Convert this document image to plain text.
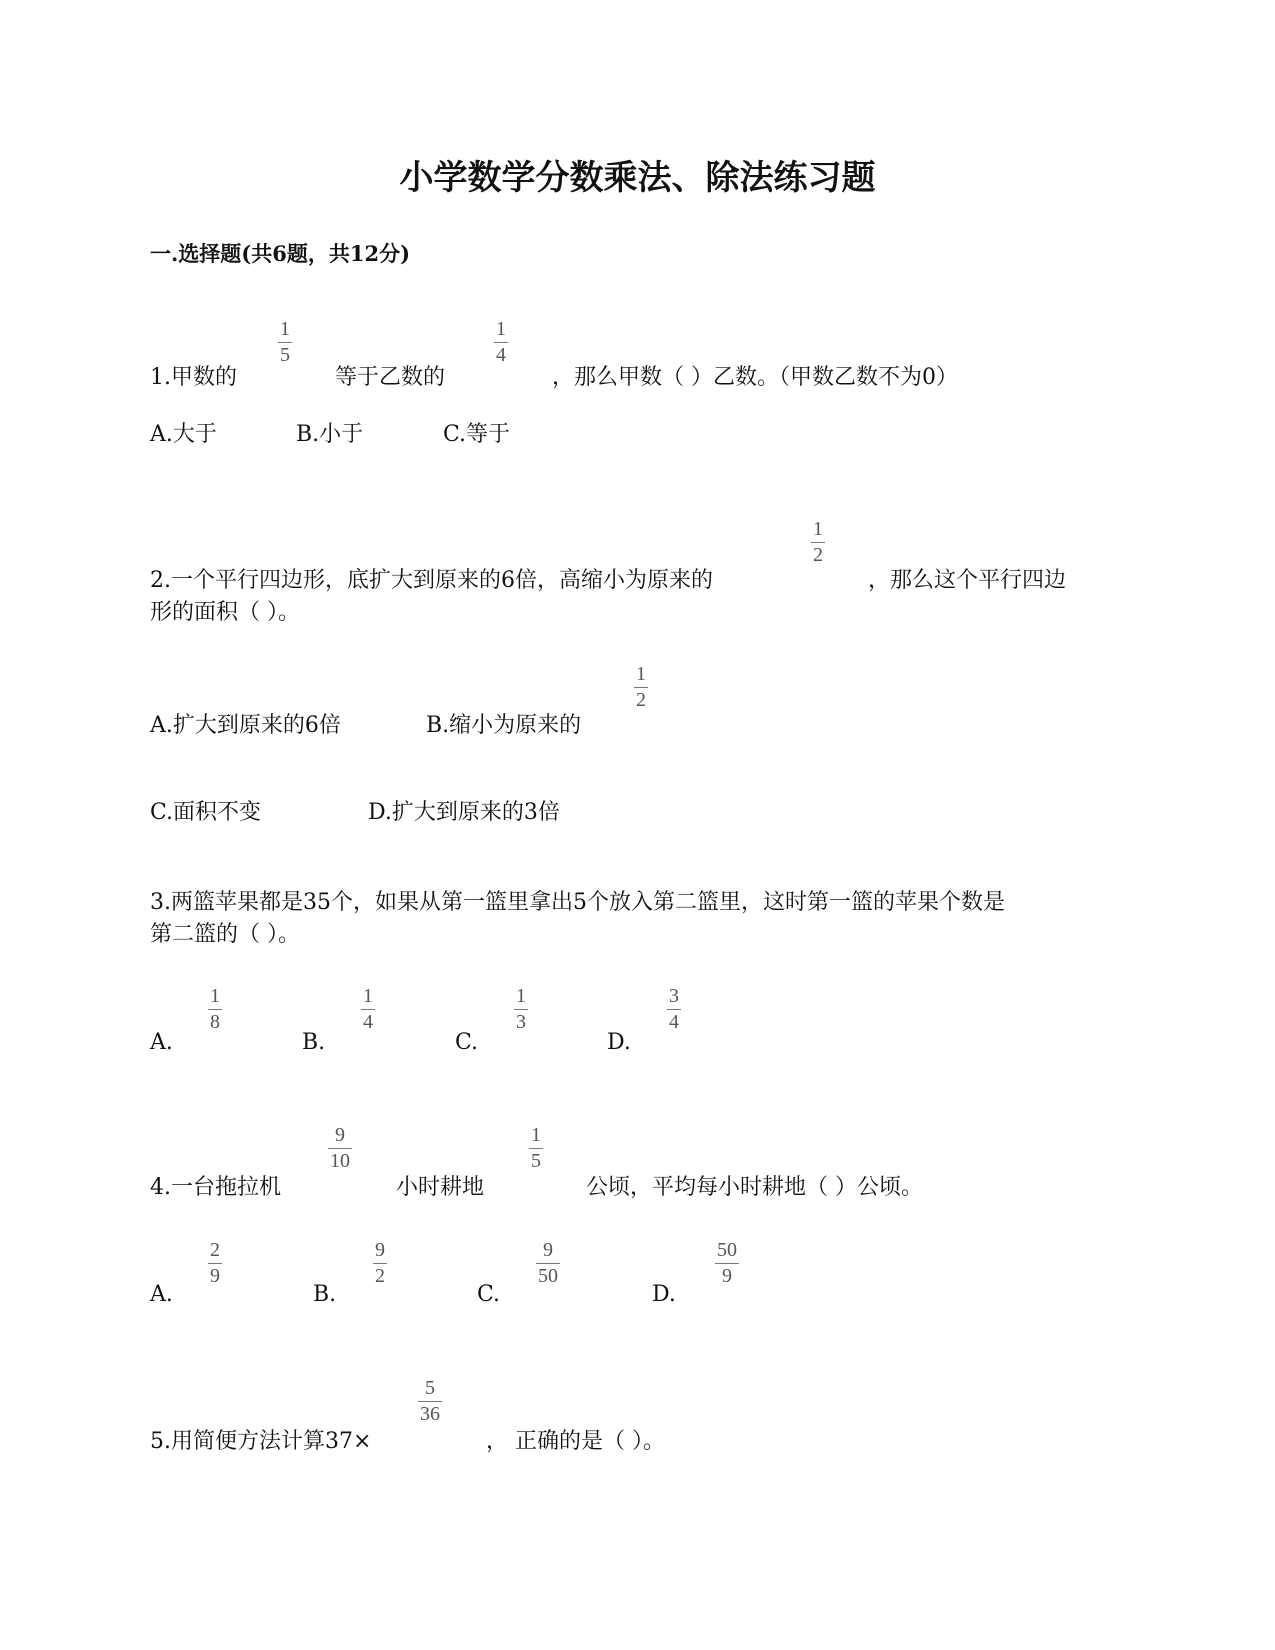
小学数学分数乘法、除法练习题
一.选择题(共6题，共12分)
1.甲数的
1
5
等于乙数的
1
4
，那么甲数（ ）乙数。（甲数乙数不为0）
A.大于	B.小于	C.等于
2.一个平行四边形，底扩大到原来的6倍，高缩小为原来的
1
2
，那么这个平行四边
形的面积（ ）。
A.扩大到原来的6倍	B.缩小为原来的
1
2
C.面积不变	D.扩大到原来的3倍
3.两篮苹果都是35个，如果从第一篮里拿出5个放入第二篮里，这时第一篮的苹果个数是
第二篮的（ ）。
A.
1
8
B.
1
4
C.
1
3
D.
3
4
4.一台拖拉机
9
10
小时耕地
1
5
公顷，平均每小时耕地（ ）公顷。
A.
2
9
B.
9
2
C.
9
50
D.
50
9
5.用简便方法计算37×
5
36
， 正确的是（ ）。
